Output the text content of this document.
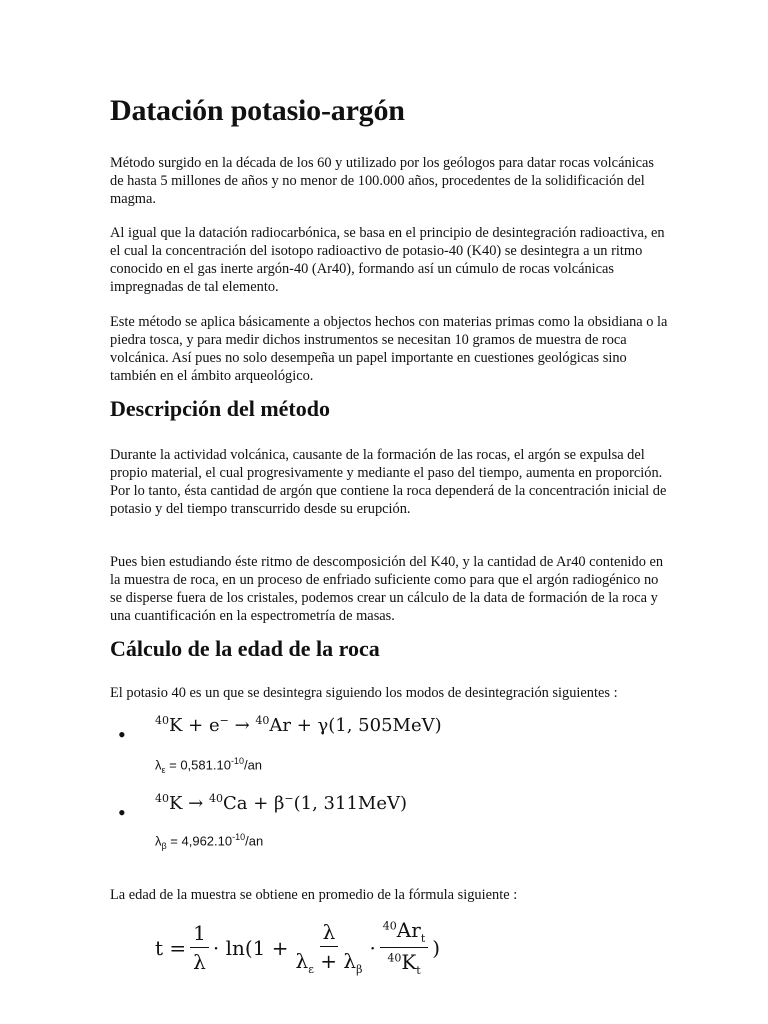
Datación potasio-argón

Método surgido en la década de los 60 y utilizado por los geólogos para datar rocas volcánicas de hasta 5 millones de años y no menor de 100.000 años, procedentes de la solidificación del magma.

Al igual que la datación radiocarbónica, se basa en el principio de desintegración radioactiva, en el cual la concentración del isotopo radioactivo de potasio-40 (K40) se desintegra a un ritmo conocido en el gas inerte argón-40 (Ar40), formando así un cúmulo de rocas volcánicas impregnadas de tal elemento.

Este método se aplica básicamente a objectos hechos con materias primas como la obsidiana o la piedra tosca, y para medir dichos instrumentos se necesitan 10 gramos de muestra de roca volcánica. Así pues no solo desempeña un papel importante en cuestiones geológicas sino también en el ámbito arqueológico.

Descripción del método

Durante la actividad volcánica, causante de la formación de las rocas, el argón se expulsa del propio material, el cual progresivamente y mediante el paso del tiempo, aumenta en proporción. Por lo tanto, ésta cantidad de argón que contiene la roca dependerá de la concentración inicial de potasio y del tiempo transcurrido desde su erupción.

Pues bien estudiando éste ritmo de descomposición del K40, y la cantidad de Ar40 contenido en la muestra de roca, en un proceso de enfriado suficiente como para que el argón radiogénico no se disperse fuera de los cristales, podemos crear un cálculo de la data de formación de la roca y una cuantificación en la espectrometría de masas.

Cálculo de la edad de la roca

El potasio 40 es un que se desintegra siguiendo los modos de desintegración siguientes :

•
$^{40}$K + e− → $^{40}$Ar + γ(1, 505MeV)
$\lambda_\varepsilon = 0,581.10^{-10}/an$
•
$^{40}$K → $^{40}$Ca + β−(1, 311MeV)
$\lambda_\beta = 4,962.10^{-10}/an$

La edad de la muestra se obtiene en promedio de la fórmula siguiente :

$t = \frac{1}{\lambda} \cdot \ln(1 + \frac{\lambda}{\lambda_\varepsilon + \lambda_\beta} \cdot \frac{^{40}Ar_t}{^{40}K_t}$ )
